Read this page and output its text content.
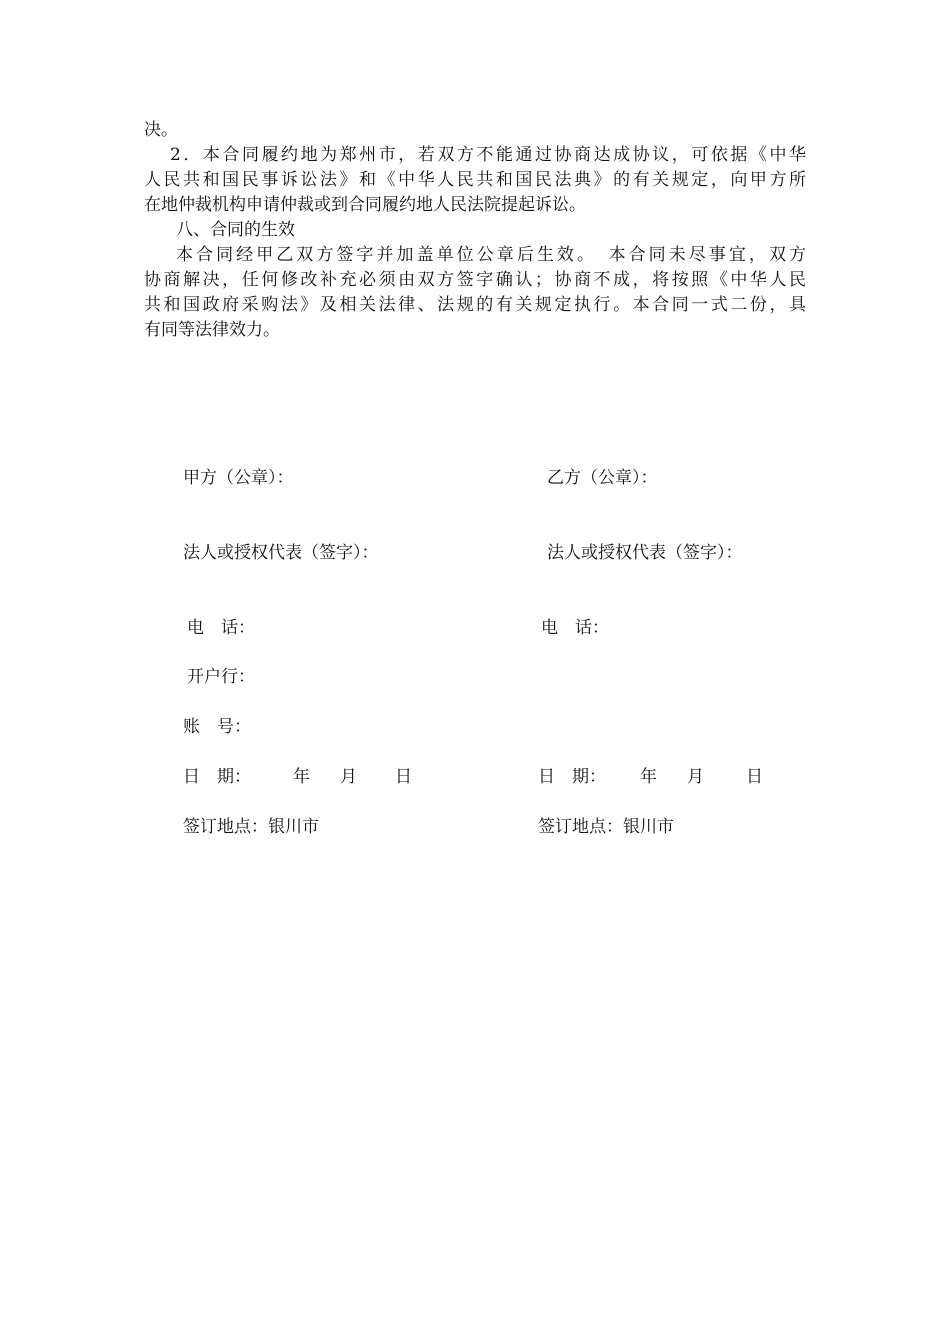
决。
2．本合同履约地为郑州市，若双方不能通过协商达成协议，可依据《中华
人民共和国民事诉讼法》和《中华人民共和国民法典》的有关规定，向甲方所
在地仲裁机构申请仲裁或到合同履约地人民法院提起诉讼。
八、合同的生效
本合同经甲乙双方签字并加盖单位公章后生效。　本合同未尽事宜，双方
协商解决，任何修改补充必须由双方签字确认；协商不成，将按照《中华人民
共和国政府采购法》及相关法律、法规的有关规定执行。本合同一式二份，具
有同等法律效力。
甲方（公章）：
法人或授权代表（签字）：
电　话：
开户行：
账　号：
日　期： 年 月 日
签订地点：银川市
乙方（公章）：
法人或授权代表（签字）：
电　话：
日　期： 年 月 日
签订地点：银川市
